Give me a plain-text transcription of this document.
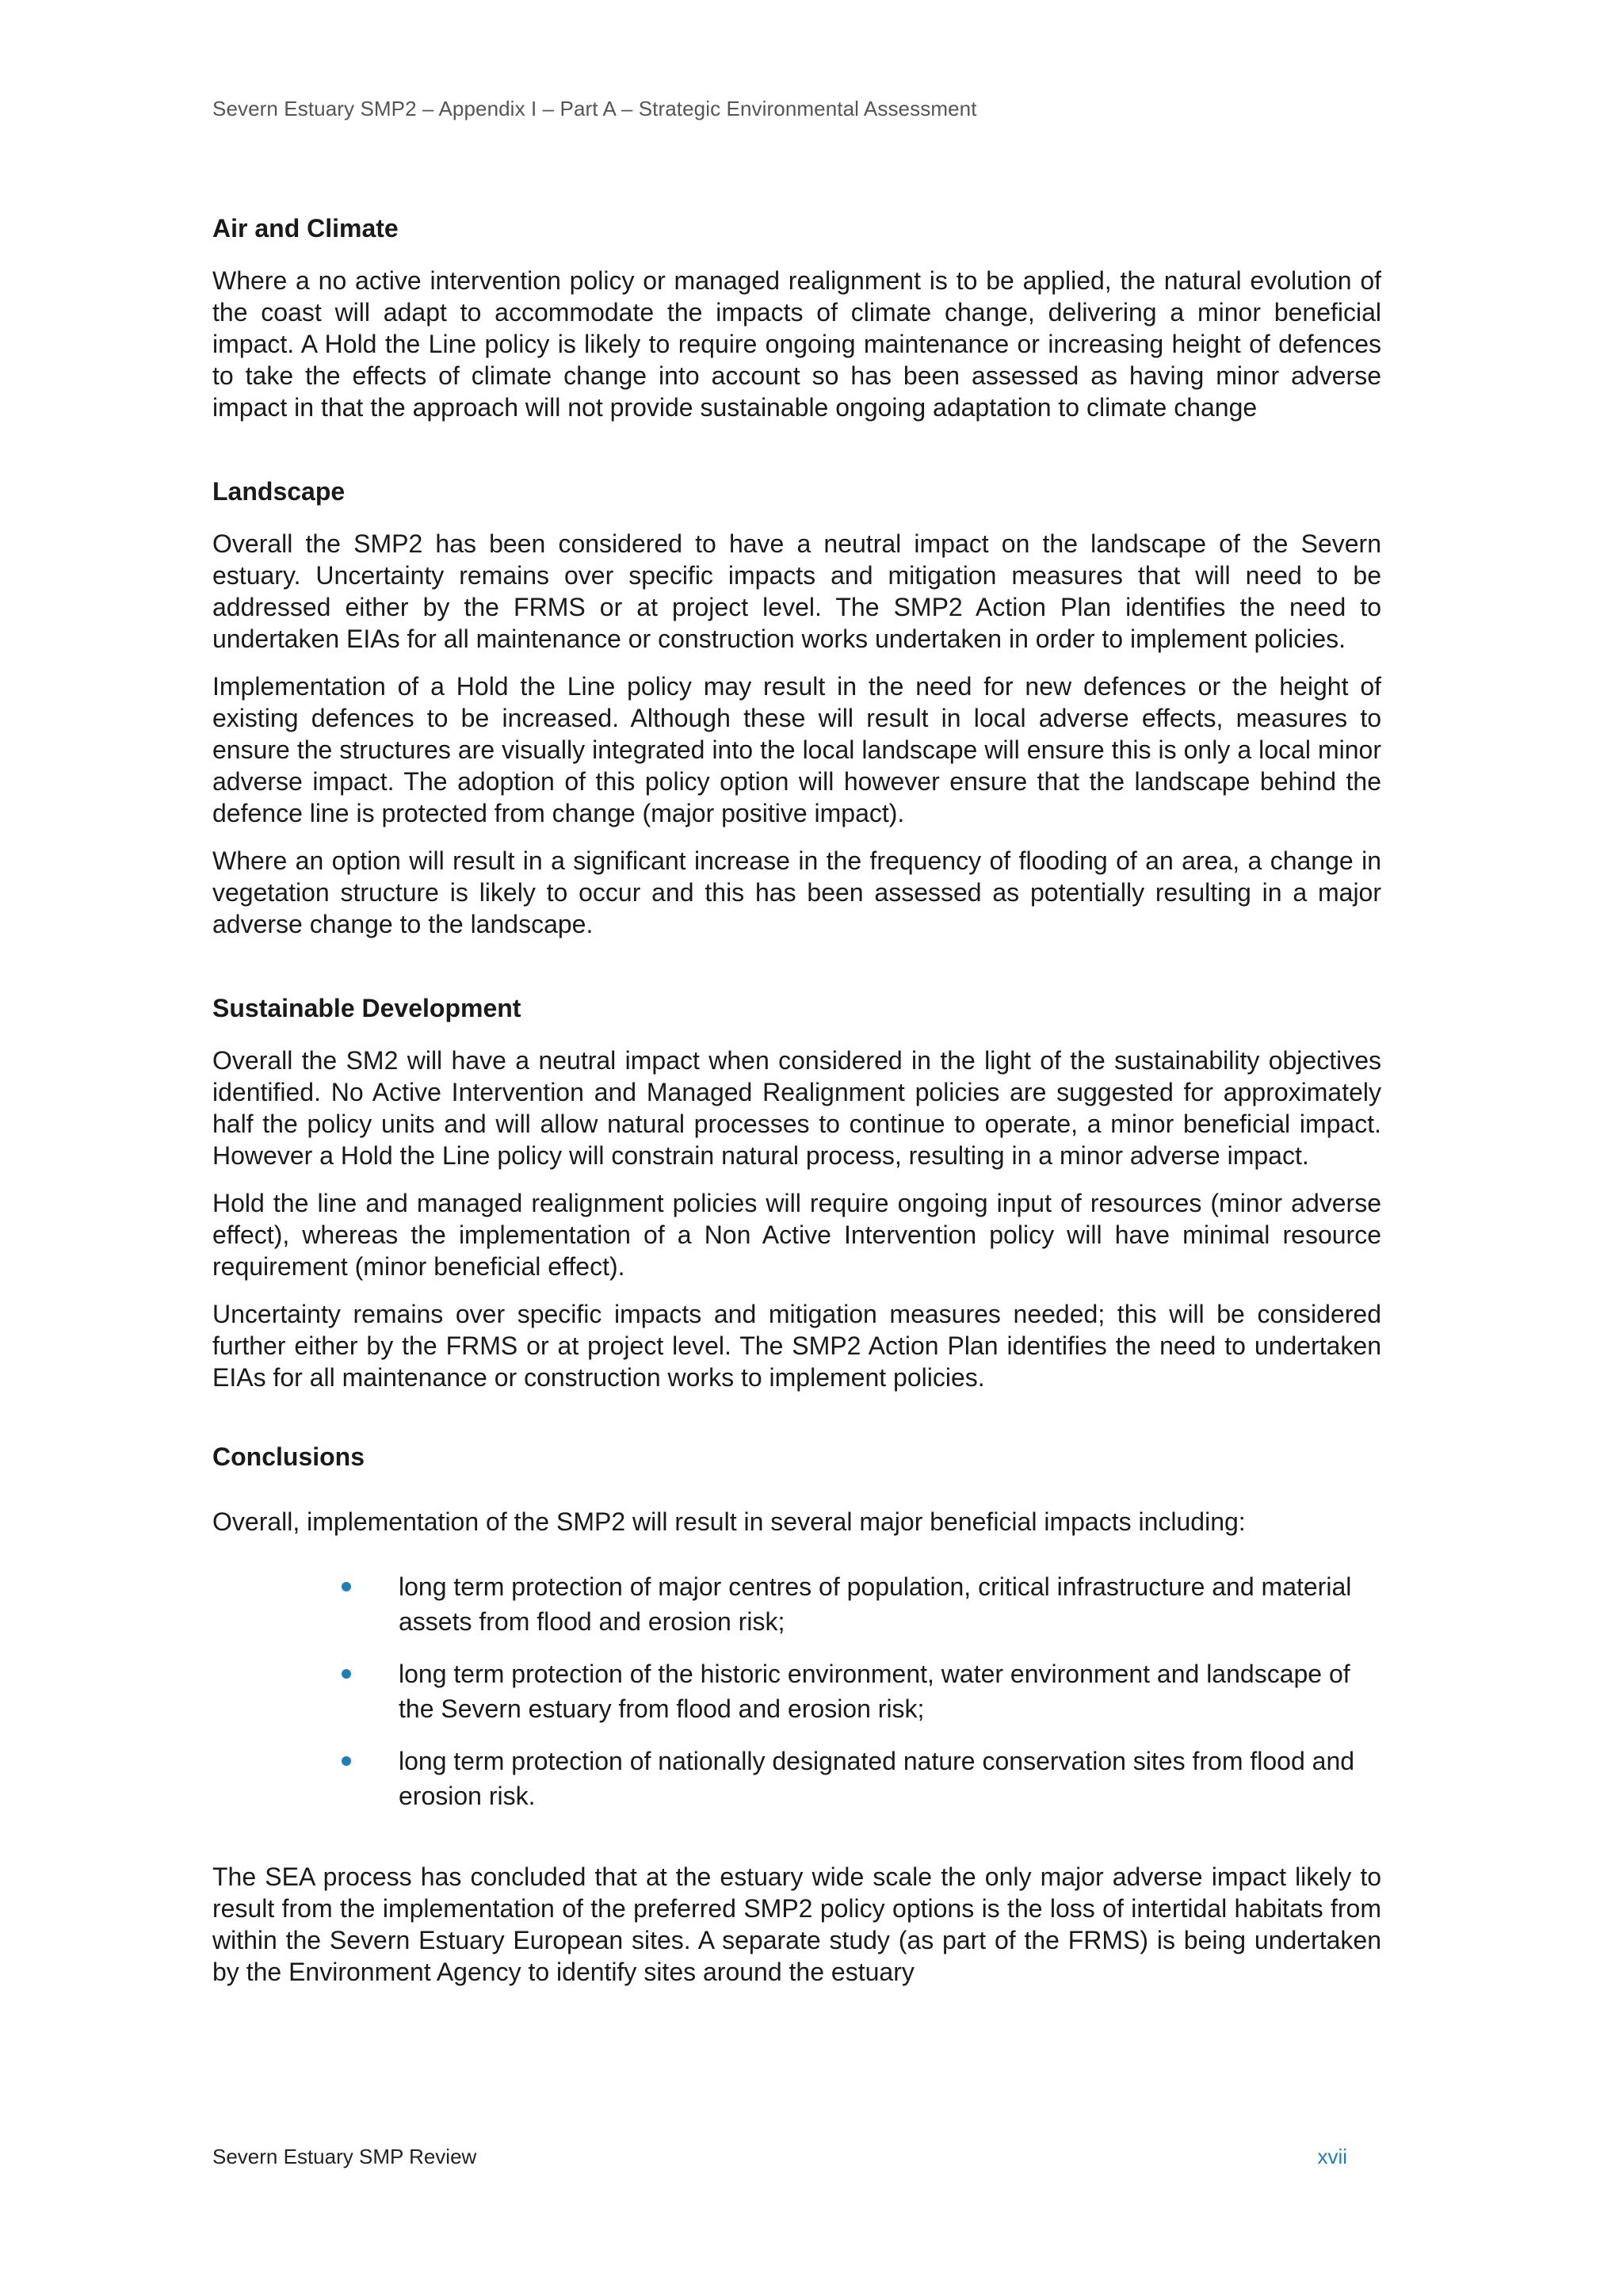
Severn Estuary SMP2 – Appendix I – Part A – Strategic Environmental Assessment
Air and Climate

Where a no active intervention policy or managed realignment is to be applied, the natural evolution of the coast will adapt to accommodate the impacts of climate change, delivering a minor beneficial impact. A Hold the Line policy is likely to require ongoing maintenance or increasing height of defences to take the effects of climate change into account so has been assessed as having minor adverse impact in that the approach will not provide sustainable ongoing adaptation to climate change

Landscape

Overall the SMP2 has been considered to have a neutral impact on the landscape of the Severn estuary. Uncertainty remains over specific impacts and mitigation measures that will need to be addressed either by the FRMS or at project level. The SMP2 Action Plan identifies the need to undertaken EIAs for all maintenance or construction works undertaken in order to implement policies.

Implementation of a Hold the Line policy may result in the need for new defences or the height of existing defences to be increased. Although these will result in local adverse effects, measures to ensure the structures are visually integrated into the local landscape will ensure this is only a local minor adverse impact. The adoption of this policy option will however ensure that the landscape behind the defence line is protected from change (major positive impact).

Where an option will result in a significant increase in the frequency of flooding of an area, a change in vegetation structure is likely to occur and this has been assessed as potentially resulting in a major adverse change to the landscape.

Sustainable Development

Overall the SM2 will have a neutral impact when considered in the light of the sustainability objectives identified. No Active Intervention and Managed Realignment policies are suggested for approximately half the policy units and will allow natural processes to continue to operate, a minor beneficial impact. However a Hold the Line policy will constrain natural process, resulting in a minor adverse impact.

Hold the line and managed realignment policies will require ongoing input of resources (minor adverse effect), whereas the implementation of a Non Active Intervention policy will have minimal resource requirement (minor beneficial effect).

Uncertainty remains over specific impacts and mitigation measures needed; this will be considered further either by the FRMS or at project level. The SMP2 Action Plan identifies the need to undertaken EIAs for all maintenance or construction works to implement policies.

Conclusions

Overall, implementation of the SMP2 will result in several major beneficial impacts including:

long term protection of major centres of population, critical infrastructure and material assets from flood and erosion risk;
long term protection of the historic environment, water environment and landscape of the Severn estuary from flood and erosion risk;
long term protection of nationally designated nature conservation sites from flood and erosion risk.

The SEA process has concluded that at the estuary wide scale the only major adverse impact likely to result from the implementation of the preferred SMP2 policy options is the loss of intertidal habitats from within the Severn Estuary European sites. A separate study (as part of the FRMS) is being undertaken by the Environment Agency to identify sites around the estuary

Severn Estuary SMP Review	xvii
